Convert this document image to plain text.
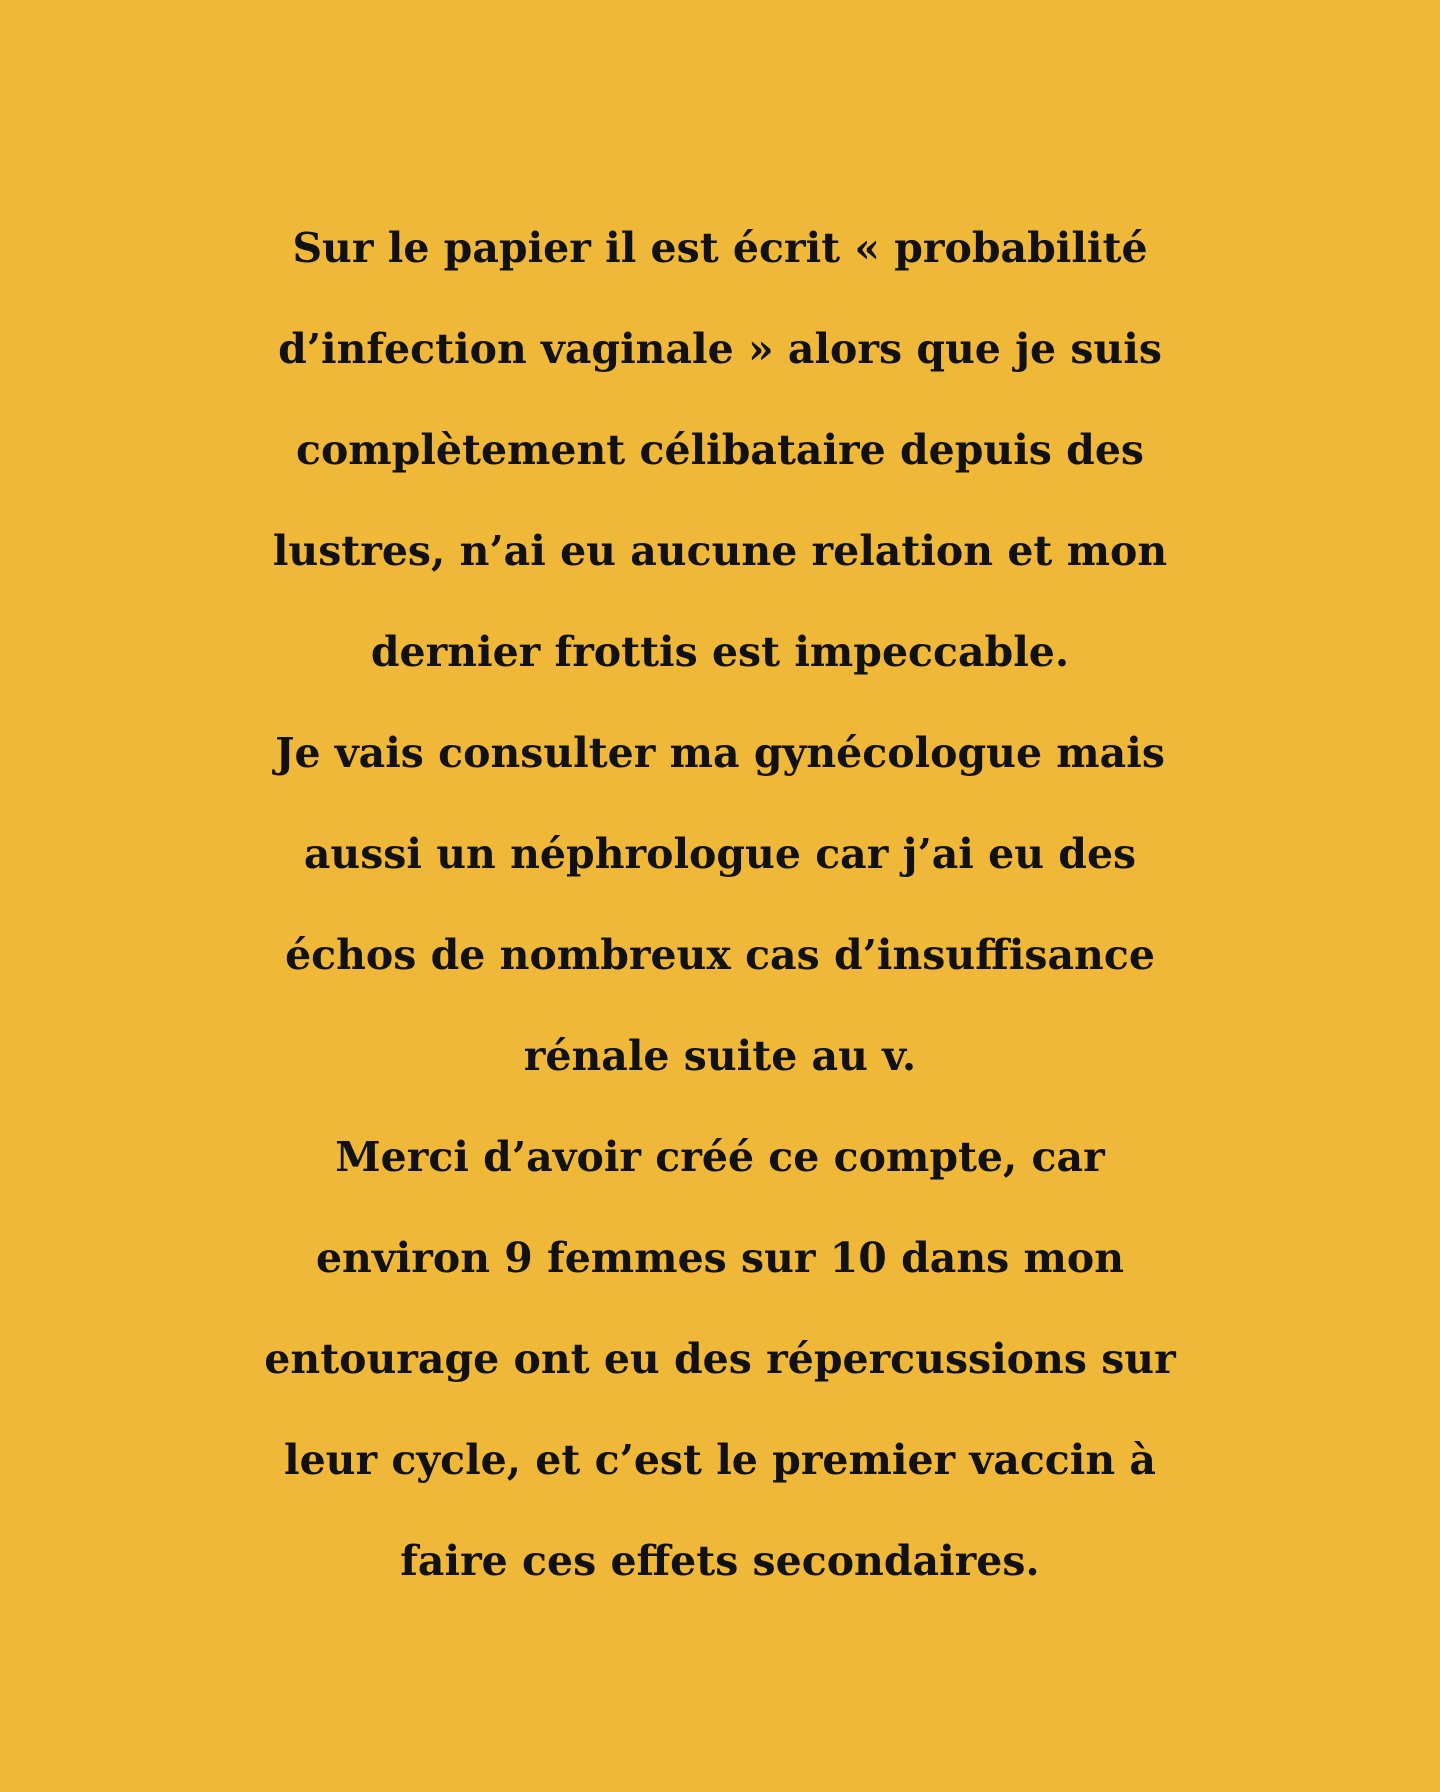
Sur le papier il est écrit « probabilité
d’infection vaginale » alors que je suis
complètement célibataire depuis des
lustres, n’ai eu aucune relation et mon
dernier frottis est impeccable.
Je vais consulter ma gynécologue mais
aussi un néphrologue car j’ai eu des
échos de nombreux cas d’insuffisance
rénale suite au v.
Merci d’avoir créé ce compte, car
environ 9 femmes sur 10 dans mon
entourage ont eu des répercussions sur
leur cycle, et c’est le premier vaccin à
faire ces effets secondaires.
